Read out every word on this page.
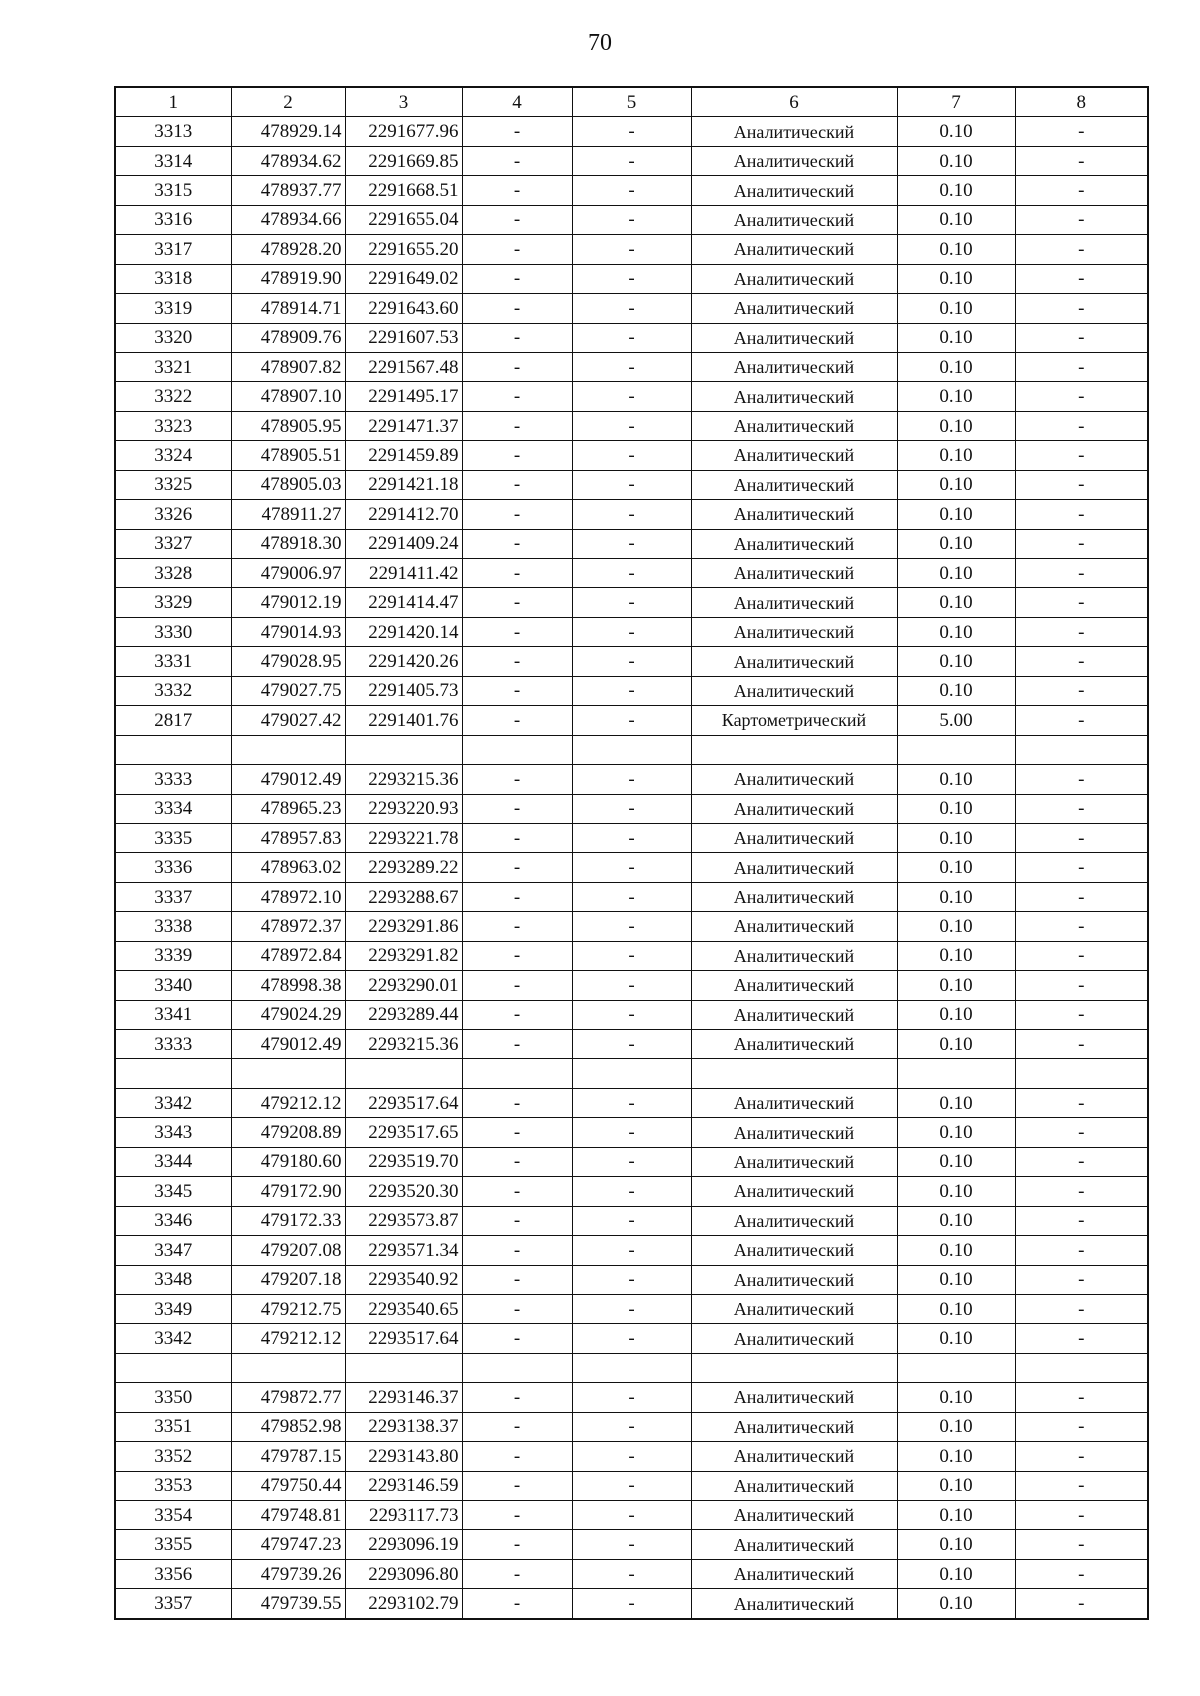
70
1	2	3	4	5	6	7	8
3313	478929.14	2291677.96	-	-	Аналитический	0.10	-
3314	478934.62	2291669.85	-	-	Аналитический	0.10	-
3315	478937.77	2291668.51	-	-	Аналитический	0.10	-
3316	478934.66	2291655.04	-	-	Аналитический	0.10	-
3317	478928.20	2291655.20	-	-	Аналитический	0.10	-
3318	478919.90	2291649.02	-	-	Аналитический	0.10	-
3319	478914.71	2291643.60	-	-	Аналитический	0.10	-
3320	478909.76	2291607.53	-	-	Аналитический	0.10	-
3321	478907.82	2291567.48	-	-	Аналитический	0.10	-
3322	478907.10	2291495.17	-	-	Аналитический	0.10	-
3323	478905.95	2291471.37	-	-	Аналитический	0.10	-
3324	478905.51	2291459.89	-	-	Аналитический	0.10	-
3325	478905.03	2291421.18	-	-	Аналитический	0.10	-
3326	478911.27	2291412.70	-	-	Аналитический	0.10	-
3327	478918.30	2291409.24	-	-	Аналитический	0.10	-
3328	479006.97	2291411.42	-	-	Аналитический	0.10	-
3329	479012.19	2291414.47	-	-	Аналитический	0.10	-
3330	479014.93	2291420.14	-	-	Аналитический	0.10	-
3331	479028.95	2291420.26	-	-	Аналитический	0.10	-
3332	479027.75	2291405.73	-	-	Аналитический	0.10	-
2817	479027.42	2291401.76	-	-	Картометрический	5.00	-

3333	479012.49	2293215.36	-	-	Аналитический	0.10	-
3334	478965.23	2293220.93	-	-	Аналитический	0.10	-
3335	478957.83	2293221.78	-	-	Аналитический	0.10	-
3336	478963.02	2293289.22	-	-	Аналитический	0.10	-
3337	478972.10	2293288.67	-	-	Аналитический	0.10	-
3338	478972.37	2293291.86	-	-	Аналитический	0.10	-
3339	478972.84	2293291.82	-	-	Аналитический	0.10	-
3340	478998.38	2293290.01	-	-	Аналитический	0.10	-
3341	479024.29	2293289.44	-	-	Аналитический	0.10	-
3333	479012.49	2293215.36	-	-	Аналитический	0.10	-

3342	479212.12	2293517.64	-	-	Аналитический	0.10	-
3343	479208.89	2293517.65	-	-	Аналитический	0.10	-
3344	479180.60	2293519.70	-	-	Аналитический	0.10	-
3345	479172.90	2293520.30	-	-	Аналитический	0.10	-
3346	479172.33	2293573.87	-	-	Аналитический	0.10	-
3347	479207.08	2293571.34	-	-	Аналитический	0.10	-
3348	479207.18	2293540.92	-	-	Аналитический	0.10	-
3349	479212.75	2293540.65	-	-	Аналитический	0.10	-
3342	479212.12	2293517.64	-	-	Аналитический	0.10	-

3350	479872.77	2293146.37	-	-	Аналитический	0.10	-
3351	479852.98	2293138.37	-	-	Аналитический	0.10	-
3352	479787.15	2293143.80	-	-	Аналитический	0.10	-
3353	479750.44	2293146.59	-	-	Аналитический	0.10	-
3354	479748.81	2293117.73	-	-	Аналитический	0.10	-
3355	479747.23	2293096.19	-	-	Аналитический	0.10	-
3356	479739.26	2293096.80	-	-	Аналитический	0.10	-
3357	479739.55	2293102.79	-	-	Аналитический	0.10	-
